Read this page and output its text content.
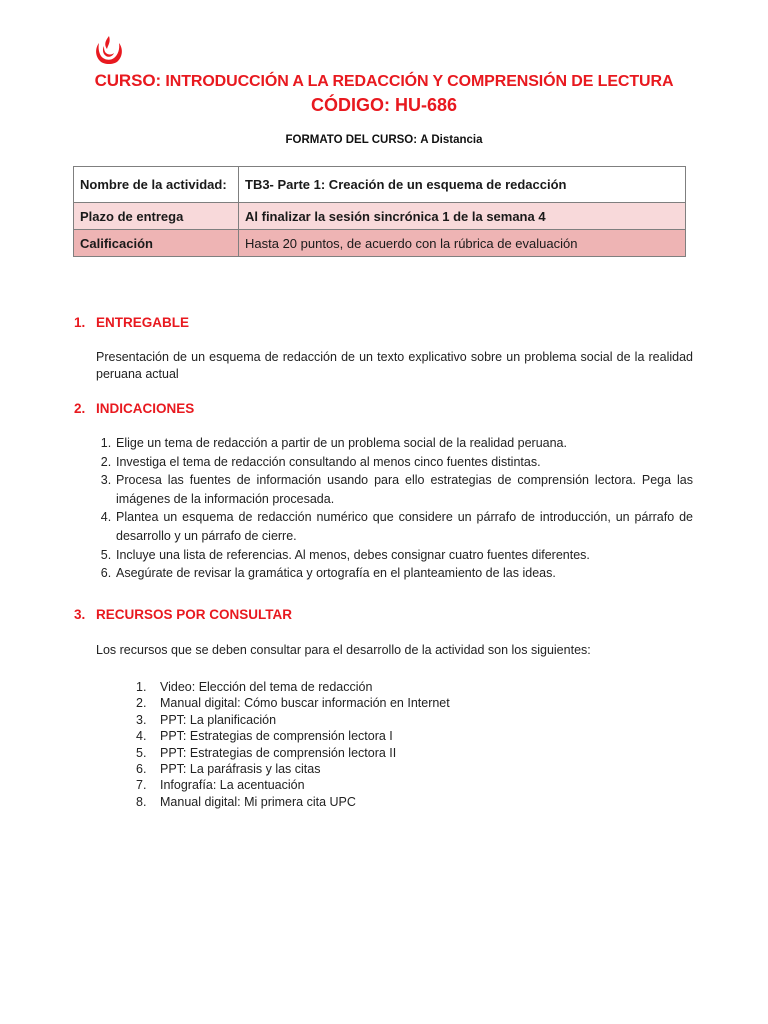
CURSO: INTRODUCCIÓN A LA REDACCIÓN Y COMPRENSIÓN DE LECTURA
CÓDIGO: HU-686
FORMATO DEL CURSO: A Distancia
Nombre de la actividad:	TB3- Parte 1: Creación de un esquema de redacción
Plazo de entrega	Al finalizar la sesión sincrónica 1 de la semana 4
Calificación	Hasta 20 puntos, de acuerdo con la rúbrica de evaluación
1. ENTREGABLE
Presentación de un esquema de redacción de un texto explicativo sobre un problema social de la realidad peruana actual
2. INDICACIONES
1. Elige un tema de redacción a partir de un problema social de la realidad peruana.
2. Investiga el tema de redacción consultando al menos cinco fuentes distintas.
3. Procesa las fuentes de información usando para ello estrategias de comprensión lectora. Pega las imágenes de la información procesada.
4. Plantea un esquema de redacción numérico que considere un párrafo de introducción, un párrafo de desarrollo y un párrafo de cierre.
5. Incluye una lista de referencias. Al menos, debes consignar cuatro fuentes diferentes.
6. Asegúrate de revisar la gramática y ortografía en el planteamiento de las ideas.
3. RECURSOS POR CONSULTAR
Los recursos que se deben consultar para el desarrollo de la actividad son los siguientes:
1.	Video: Elección del tema de redacción
2.	Manual digital: Cómo buscar información en Internet
3.	PPT: La planificación
4.	PPT: Estrategias de comprensión lectora I
5.	PPT: Estrategias de comprensión lectora II
6.	PPT: La paráfrasis y las citas
7.	Infografía: La acentuación
8.	Manual digital: Mi primera cita UPC
